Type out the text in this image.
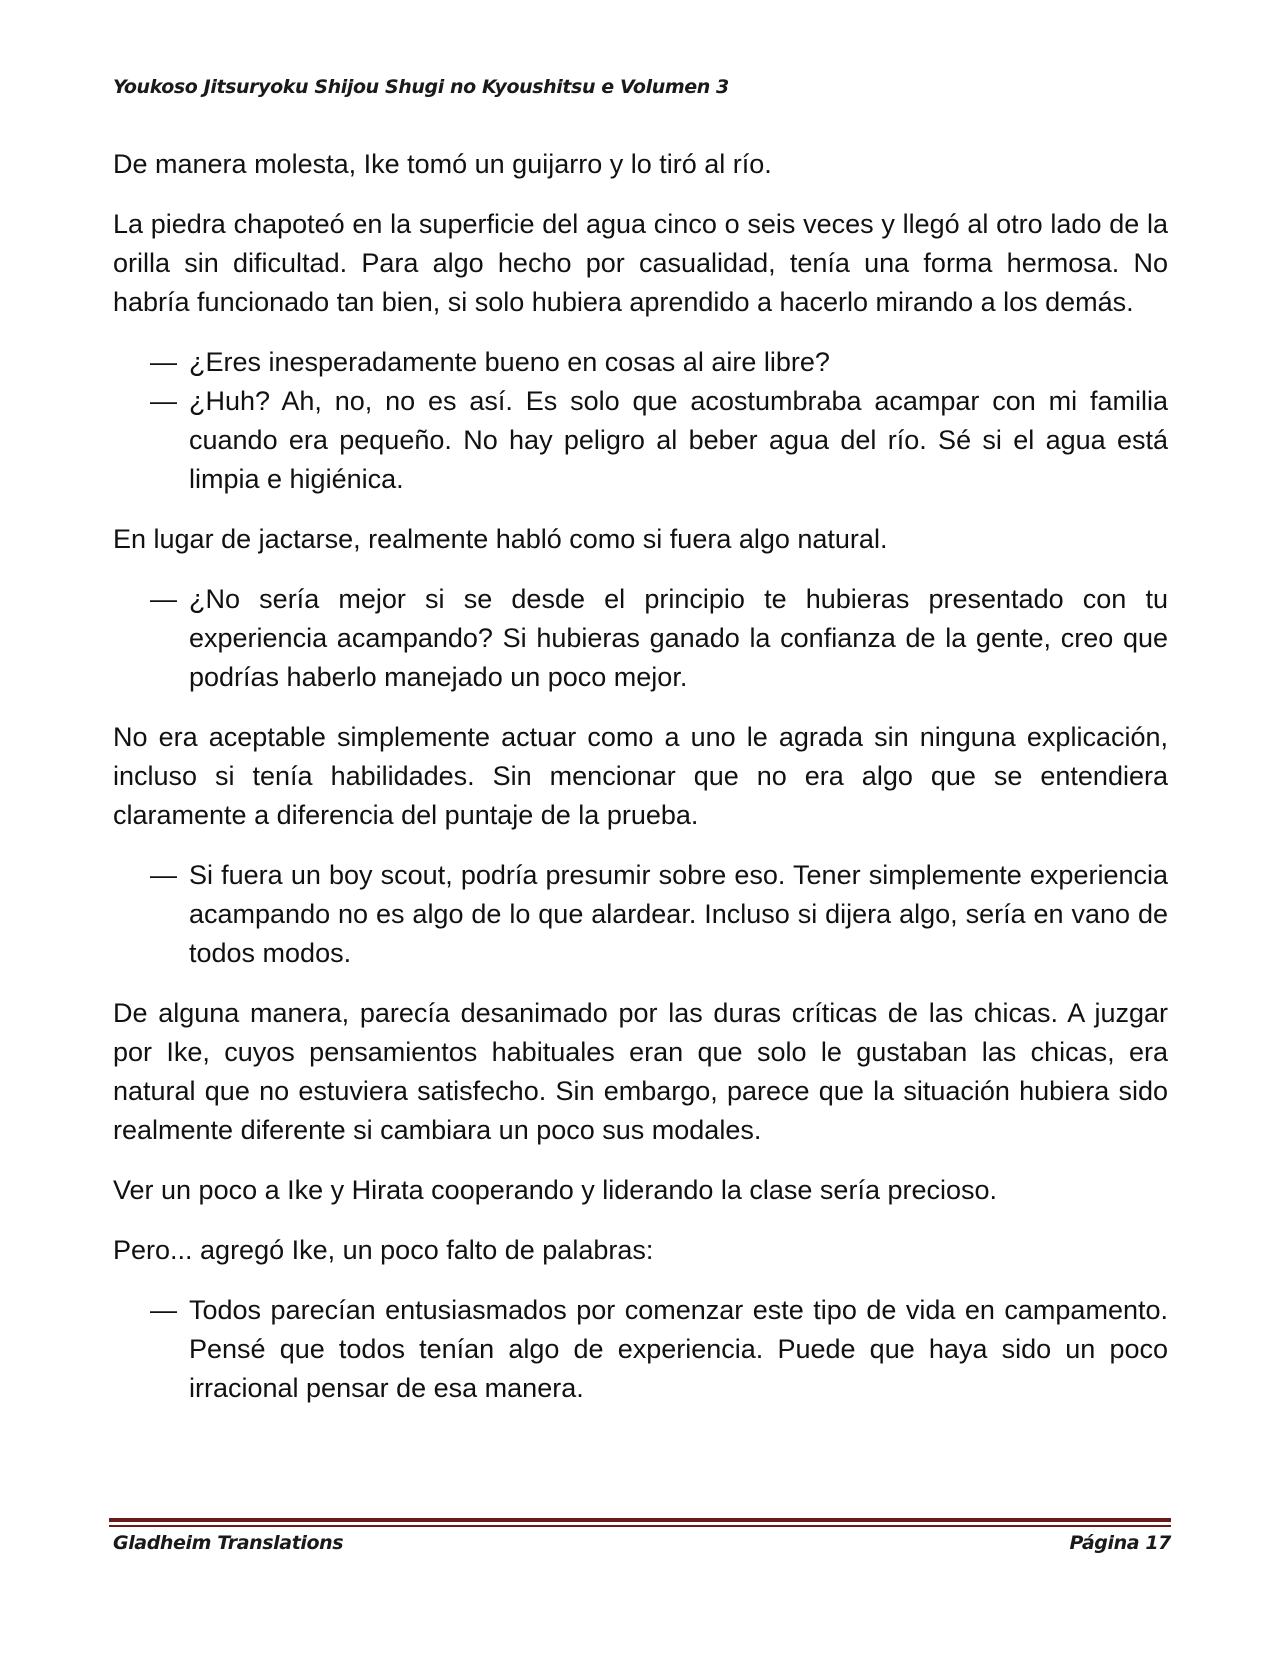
Youkoso Jitsuryoku Shijou Shugi no Kyoushitsu e Volumen 3

De manera molesta, Ike tomó un guijarro y lo tiró al río.

La piedra chapoteó en la superficie del agua cinco o seis veces y llegó al otro lado de la orilla sin dificultad. Para algo hecho por casualidad, tenía una forma hermosa. No habría funcionado tan bien, si solo hubiera aprendido a hacerlo mirando a los demás.

— ¿Eres inesperadamente bueno en cosas al aire libre?

— ¿Huh? Ah, no, no es así. Es solo que acostumbraba acampar con mi familia cuando era pequeño. No hay peligro al beber agua del río. Sé si el agua está limpia e higiénica.

En lugar de jactarse, realmente habló como si fuera algo natural.

— ¿No sería mejor si se desde el principio te hubieras presentado con tu experiencia acampando? Si hubieras ganado la confianza de la gente, creo que podrías haberlo manejado un poco mejor.

No era aceptable simplemente actuar como a uno le agrada sin ninguna explicación, incluso si tenía habilidades. Sin mencionar que no era algo que se entendiera claramente a diferencia del puntaje de la prueba.

— Si fuera un boy scout, podría presumir sobre eso. Tener simplemente experiencia acampando no es algo de lo que alardear. Incluso si dijera algo, sería en vano de todos modos.

De alguna manera, parecía desanimado por las duras críticas de las chicas. A juzgar por Ike, cuyos pensamientos habituales eran que solo le gustaban las chicas, era natural que no estuviera satisfecho. Sin embargo, parece que la situación hubiera sido realmente diferente si cambiara un poco sus modales.

Ver un poco a Ike y Hirata cooperando y liderando la clase sería precioso.

Pero... agregó Ike, un poco falto de palabras:

— Todos parecían entusiasmados por comenzar este tipo de vida en campamento. Pensé que todos tenían algo de experiencia. Puede que haya sido un poco irracional pensar de esa manera.

Gladheim Translations	Página 17
